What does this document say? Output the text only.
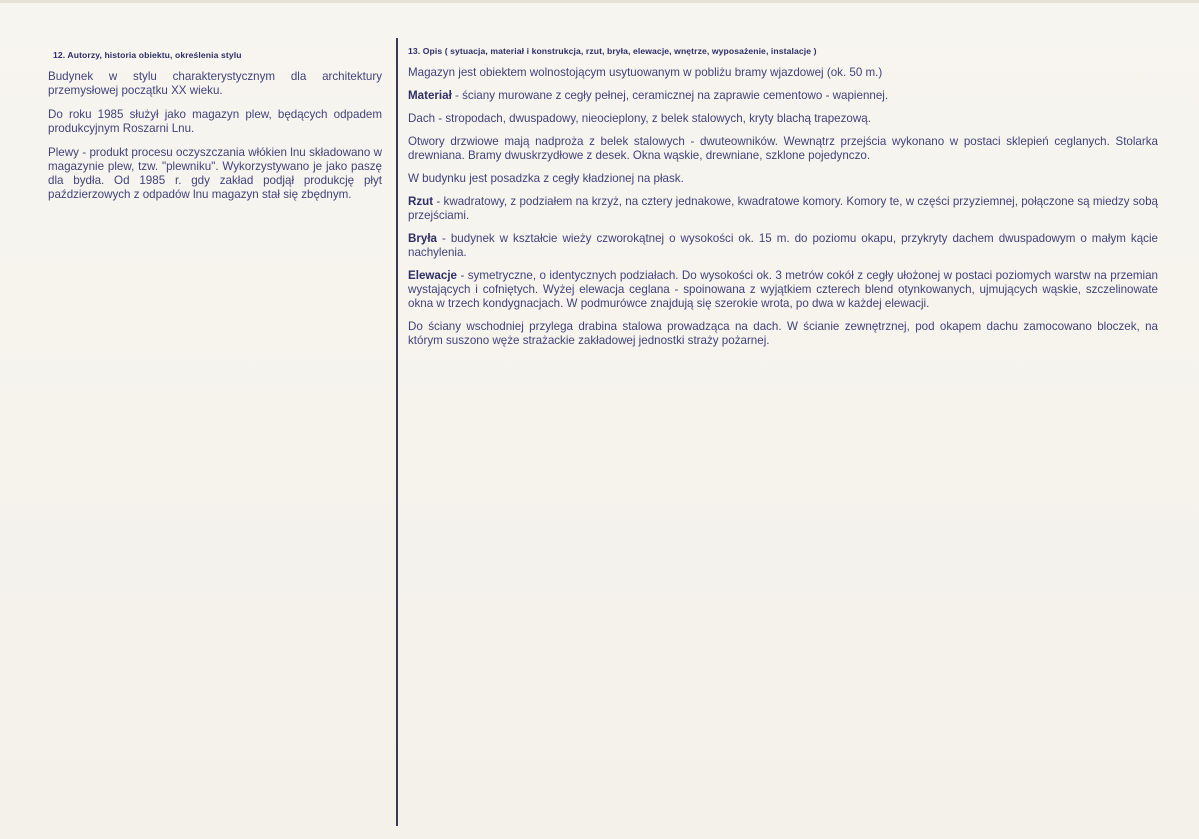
12. Autorzy, historia obiektu, określenia stylu

Budynek w stylu charakterystycznym dla architektury przemysłowej początku XX wieku.

Do roku 1985 służył jako magazyn plew, będących odpadem produkcyjnym Roszarni Lnu.

Plewy - produkt procesu oczyszczania włókien lnu składowano w magazynie plew, tzw. "plewniku". Wykorzystywano je jako paszę dla bydła. Od 1985 r. gdy zakład podjął produkcję płyt paździerzowych z odpadów lnu magazyn stał się zbędnym.

13. Opis ( sytuacja, materiał i konstrukcja, rzut, bryła, elewacje, wnętrze, wyposażenie, instalacje )

Magazyn jest obiektem wolnostojącym usytuowanym w pobliżu bramy wjazdowej (ok. 50 m.)

Materiał - ściany murowane z cegły pełnej, ceramicznej na zaprawie cementowo - wapiennej.

Dach - stropodach, dwuspadowy, nieocieplony, z belek stalowych, kryty blachą trapezową.

Otwory drzwiowe mają nadproża z belek stalowych - dwuteowników. Wewnątrz przejścia wykonano w postaci sklepień ceglanych. Stolarka drewniana. Bramy dwuskrzydłowe z desek. Okna wąskie, drewniane, szklone pojedynczo.

W budynku jest posadzka z cegły kładzionej na płask.

Rzut - kwadratowy, z podziałem na krzyż, na cztery jednakowe, kwadratowe komory. Komory te, w części przyziemnej, połączone są miedzy sobą przejściami.

Bryła - budynek w kształcie wieży czworokątnej o wysokości ok. 15 m. do poziomu okapu, przykryty dachem dwuspadowym o małym kącie nachylenia.

Elewacje - symetryczne, o identycznych podziałach. Do wysokości ok. 3 metrów cokół z cegły ułożonej w postaci poziomych warstw na przemian wystających i cofniętych. Wyżej elewacja ceglana - spoinowana z wyjątkiem czterech blend otynkowanych, ujmujących wąskie, szczelinowate okna w trzech kondygnacjach. W podmurówce znajdują się szerokie wrota, po dwa w każdej elewacji.

Do ściany wschodniej przylega drabina stalowa prowadząca na dach. W ścianie zewnętrznej, pod okapem dachu zamocowano bloczek, na którym suszono węże strażackie zakładowej jednostki straży pożarnej.
